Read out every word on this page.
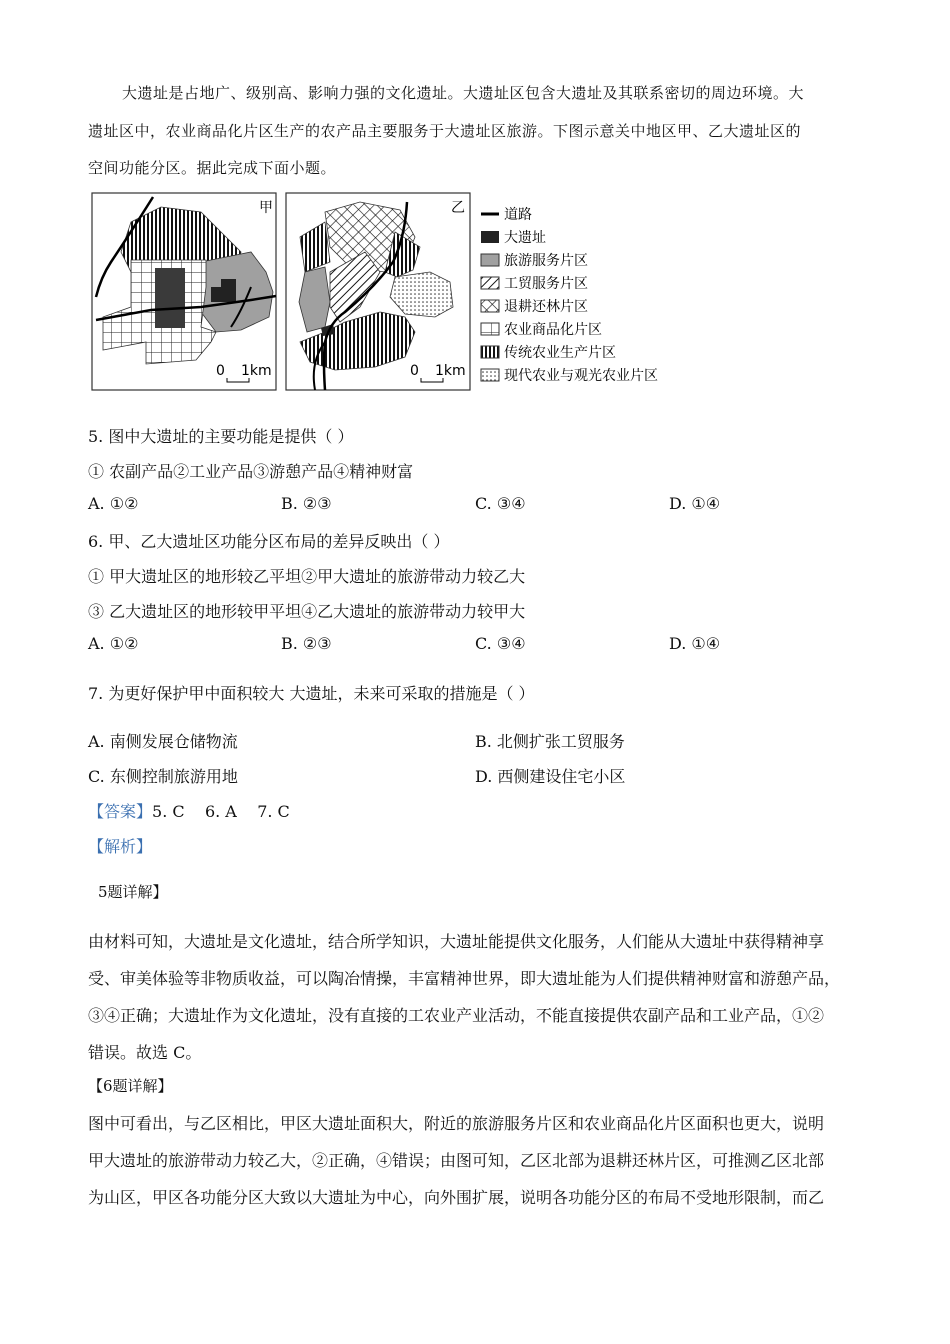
大遗址是占地广、级别高、影响力强的文化遗址。大遗址区包含大遗址及其联系密切的周边环境。大
遗址区中，农业商品化片区生产的农产品主要服务于大遗址区旅游。下图示意关中地区甲、乙大遗址区的
空间功能分区。据此完成下面小题。
甲
0 1km
乙
0 1km
道路
大遗址
旅游服务片区
工贸服务片区
退耕还林片区
农业商品化片区
传统农业生产片区
现代农业与观光农业片区
5. 图中大遗址的主要功能是提供（ ）
① 农副产品②工业产品③游憩产品④精神财富
A. ①②	B. ②③	C. ③④	D. ①④
6. 甲、乙大遗址区功能分区布局的差异反映出（ ）
① 甲大遗址区的地形较乙平坦②甲大遗址的旅游带动力较乙大
③ 乙大遗址区的地形较甲平坦④乙大遗址的旅游带动力较甲大
A. ①②	B. ②③	C. ③④	D. ①④
7. 为更好保护甲中面积较大 大遗址，未来可采取的措施是（ ）
A. 南侧发展仓储物流	B. 北侧扩张工贸服务
C. 东侧控制旅游用地	D. 西侧建设住宅小区
【答案】5. C    6. A    7. C
【解析】
5题详解】
由材料可知，大遗址是文化遗址，结合所学知识，大遗址能提供文化服务，人们能从大遗址中获得精神享
受、审美体验等非物质收益，可以陶冶情操，丰富精神世界，即大遗址能为人们提供精神财富和游憩产品，
③④正确；大遗址作为文化遗址，没有直接的工农业产业活动，不能直接提供农副产品和工业产品，①②
错误。故选 C。
【6题详解】
图中可看出，与乙区相比，甲区大遗址面积大，附近的旅游服务片区和农业商品化片区面积也更大，说明
甲大遗址的旅游带动力较乙大，②正确，④错误；由图可知，乙区北部为退耕还林片区，可推测乙区北部
为山区，甲区各功能分区大致以大遗址为中心，向外围扩展，说明各功能分区的布局不受地形限制，而乙
